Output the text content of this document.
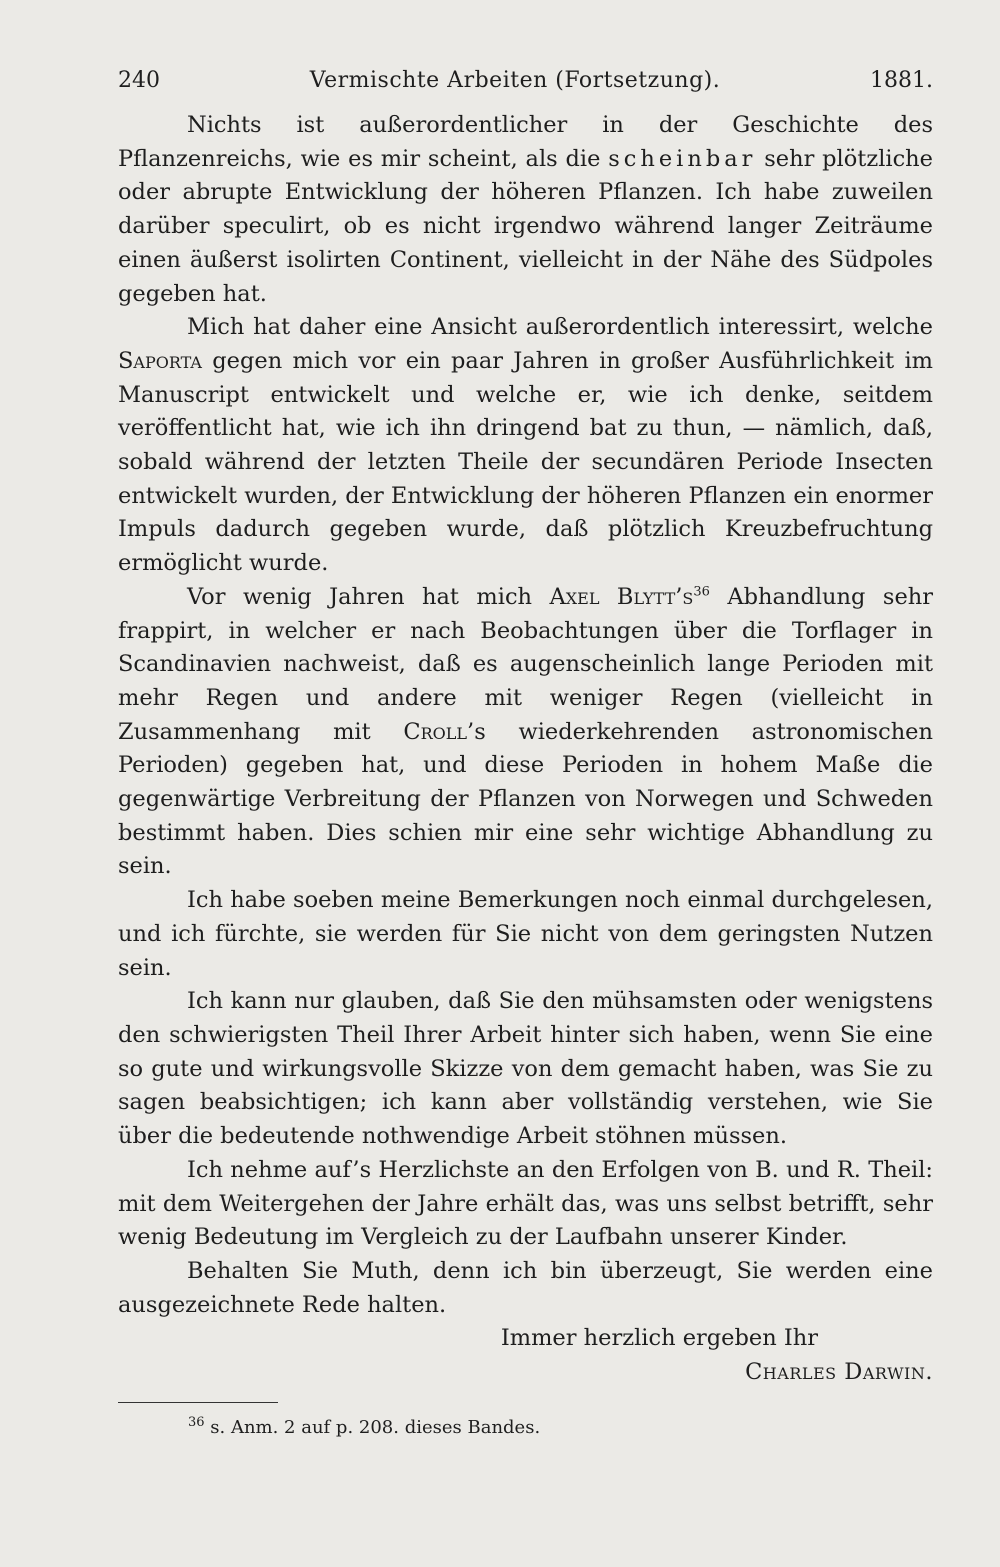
240	Vermischte Arbeiten (Fortsetzung).	1881.

Nichts ist außerordentlicher in der Geschichte des Pflanzenreichs, wie es mir scheint, als die scheinbar sehr plötzliche oder abrupte Entwicklung der höheren Pflanzen. Ich habe zuweilen darüber speculirt, ob es nicht irgendwo während langer Zeiträume einen äußerst isolirten Continent, vielleicht in der Nähe des Südpoles gegeben hat.

Mich hat daher eine Ansicht außerordentlich interessirt, welche Saporta gegen mich vor ein paar Jahren in großer Ausführlichkeit im Manuscript entwickelt und welche er, wie ich denke, seitdem veröffentlicht hat, wie ich ihn dringend bat zu thun, — nämlich, daß, sobald während der letzten Theile der secundären Periode Insecten entwickelt wurden, der Entwicklung der höheren Pflanzen ein enormer Impuls dadurch gegeben wurde, daß plötzlich Kreuzbefruchtung ermöglicht wurde.

Vor wenig Jahren hat mich Axel $Blytt’s^{36}$ Abhandlung sehr frappirt, in welcher er nach Beobachtungen über die Torflager in Scandinavien nachweist, daß es augenscheinlich lange Perioden mit mehr Regen und andere mit weniger Regen (vielleicht in Zusammenhang mit Croll’s wiederkehrenden astronomischen Perioden) gegeben hat, und diese Perioden in hohem Maße die gegenwärtige Verbreitung der Pflanzen von Norwegen und Schweden bestimmt haben. Dies schien mir eine sehr wichtige Abhandlung zu sein.

Ich habe soeben meine Bemerkungen noch einmal durchgelesen, und ich fürchte, sie werden für Sie nicht von dem geringsten Nutzen sein.

Ich kann nur glauben, daß Sie den mühsamsten oder wenigstens den schwierigsten Theil Ihrer Arbeit hinter sich haben, wenn Sie eine so gute und wirkungsvolle Skizze von dem gemacht haben, was Sie zu sagen beabsichtigen; ich kann aber vollständig verstehen, wie Sie über die bedeutende nothwendige Arbeit stöhnen müssen.

Ich nehme auf’s Herzlichste an den Erfolgen von B. und R. Theil: mit dem Weitergehen der Jahre erhält das, was uns selbst betrifft, sehr wenig Bedeutung im Vergleich zu der Laufbahn unserer Kinder.

Behalten Sie Muth, denn ich bin überzeugt, Sie werden eine ausgezeichnete Rede halten.

Immer herzlich ergeben Ihr

Charles Darwin.

$^{36}$ s. Anm. 2 auf p. 208. dieses Bandes.
